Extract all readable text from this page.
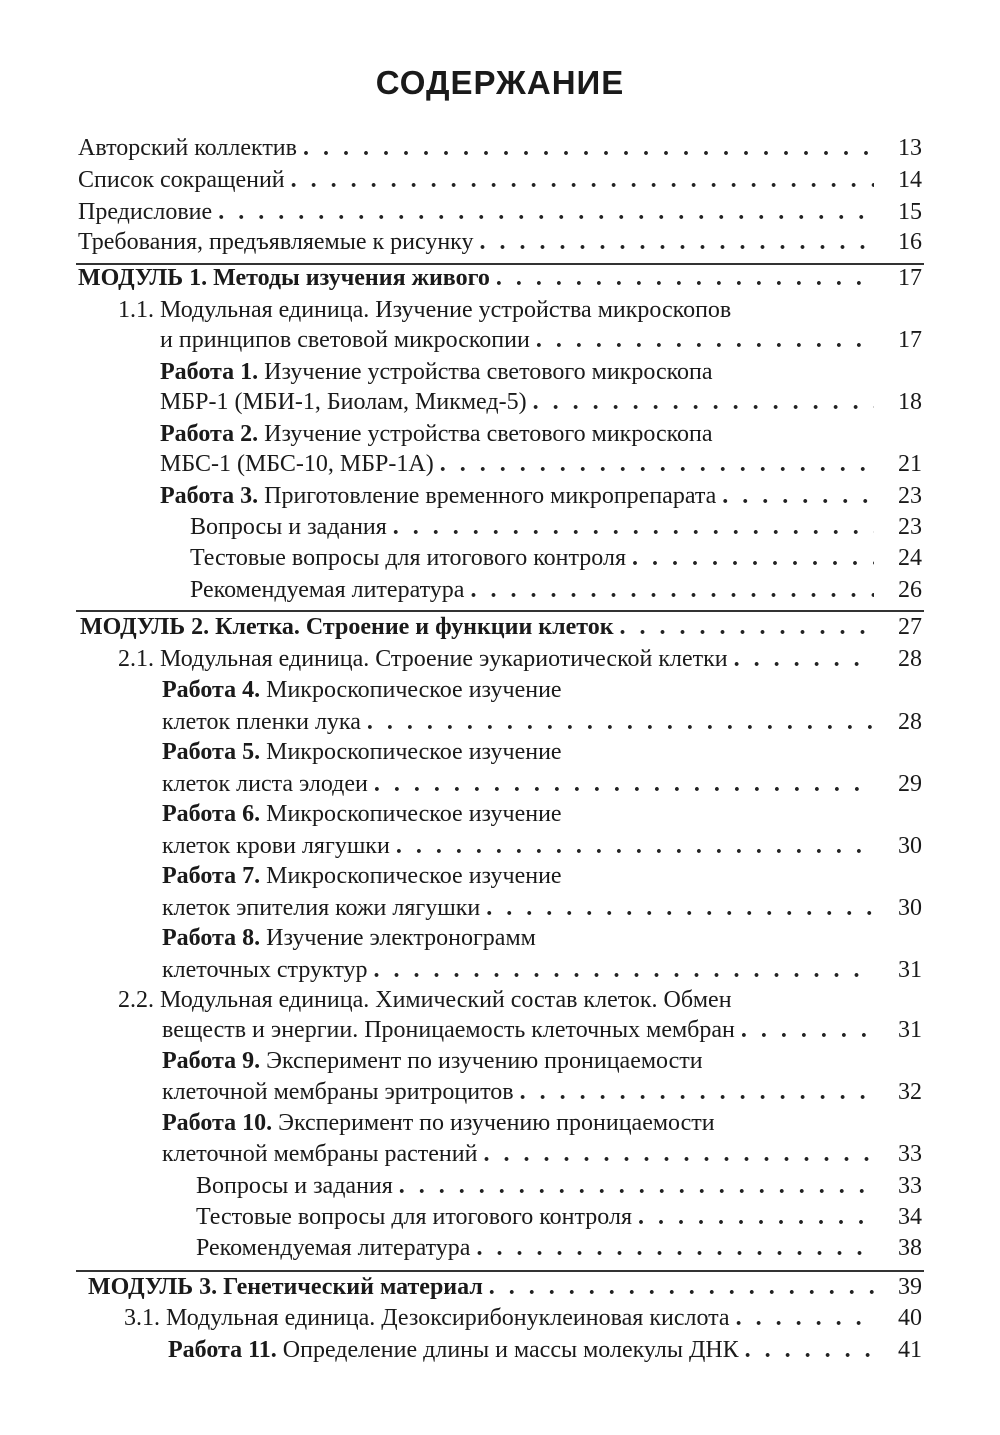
СОДЕРЖАНИЕ
Авторский коллектив . . .	13
Список сокращений . . .	14
Предисловие . . .	15
Требования, предъявляемые к рисунку . . .	16
МОДУЛЬ 1. Методы изучения живого . . .	17
1.1. Модульная единица. Изучение устройства микроскопов
и принципов световой микроскопии . . .	17
Работа 1. Изучение устройства светового микроскопа
МБР-1 (МБИ-1, Биолам, Микмед-5) . . .	18
Работа 2. Изучение устройства светового микроскопа
МБС-1 (МБС-10, МБР-1А) . . .	21
Работа 3. Приготовление временного микропрепарата . . .	23
Вопросы и задания . . .	23
Тестовые вопросы для итогового контроля . . .	24
Рекомендуемая литература . . .	26
МОДУЛЬ 2. Клетка. Строение и функции клеток . . .	27
2.1. Модульная единица. Строение эукариотической клетки . . .	28
Работа 4. Микроскопическое изучение
клеток пленки лука . . .	28
Работа 5. Микроскопическое изучение
клеток листа элодеи . . .	29
Работа 6. Микроскопическое изучение
клеток крови лягушки . . .	30
Работа 7. Микроскопическое изучение
клеток эпителия кожи лягушки . . .	30
Работа 8. Изучение электронограмм
клеточных структур . . .	31
2.2. Модульная единица. Химический состав клеток. Обмен
веществ и энергии. Проницаемость клеточных мембран . . .	31
Работа 9. Эксперимент по изучению проницаемости
клеточной мембраны эритроцитов . . .	32
Работа 10. Эксперимент по изучению проницаемости
клеточной мембраны растений . . .	33
Вопросы и задания . . .	33
Тестовые вопросы для итогового контроля . . .	34
Рекомендуемая литература . . .	38
МОДУЛЬ 3. Генетический материал . . .	39
3.1. Модульная единица. Дезоксирибонуклеиновая кислота . . .	40
Работа 11. Определение длины и массы молекулы ДНК . . .	41
